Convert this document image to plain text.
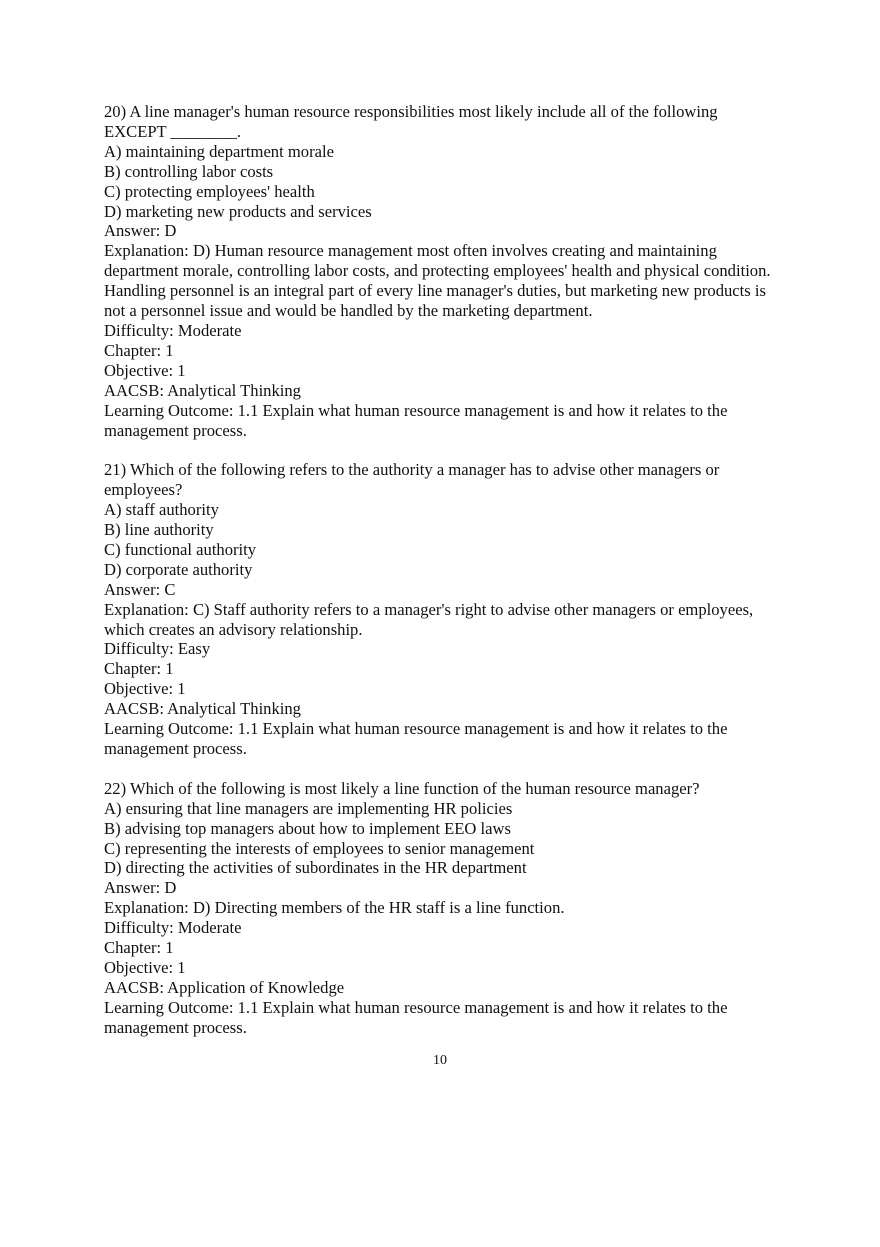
20) A line manager's human resource responsibilities most likely include all of the following EXCEPT ________.
A) maintaining department morale
B) controlling labor costs
C) protecting employees' health
D) marketing new products and services
Answer: D
Explanation: D) Human resource management most often involves creating and maintaining department morale, controlling labor costs, and protecting employees' health and physical condition. Handling personnel is an integral part of every line manager's duties, but marketing new products is not a personnel issue and would be handled by the marketing department.
Difficulty: Moderate
Chapter: 1
Objective: 1
AACSB: Analytical Thinking
Learning Outcome: 1.1 Explain what human resource management is and how it relates to the management process.
21) Which of the following refers to the authority a manager has to advise other managers or employees?
A) staff authority
B) line authority
C) functional authority
D) corporate authority
Answer: C
Explanation: C) Staff authority refers to a manager's right to advise other managers or employees, which creates an advisory relationship.
Difficulty: Easy
Chapter: 1
Objective: 1
AACSB: Analytical Thinking
Learning Outcome: 1.1 Explain what human resource management is and how it relates to the management process.
22) Which of the following is most likely a line function of the human resource manager?
A) ensuring that line managers are implementing HR policies
B) advising top managers about how to implement EEO laws
C) representing the interests of employees to senior management
D) directing the activities of subordinates in the HR department
Answer: D
Explanation: D) Directing members of the HR staff is a line function.
Difficulty: Moderate
Chapter: 1
Objective: 1
AACSB: Application of Knowledge
Learning Outcome: 1.1 Explain what human resource management is and how it relates to the management process.
10
